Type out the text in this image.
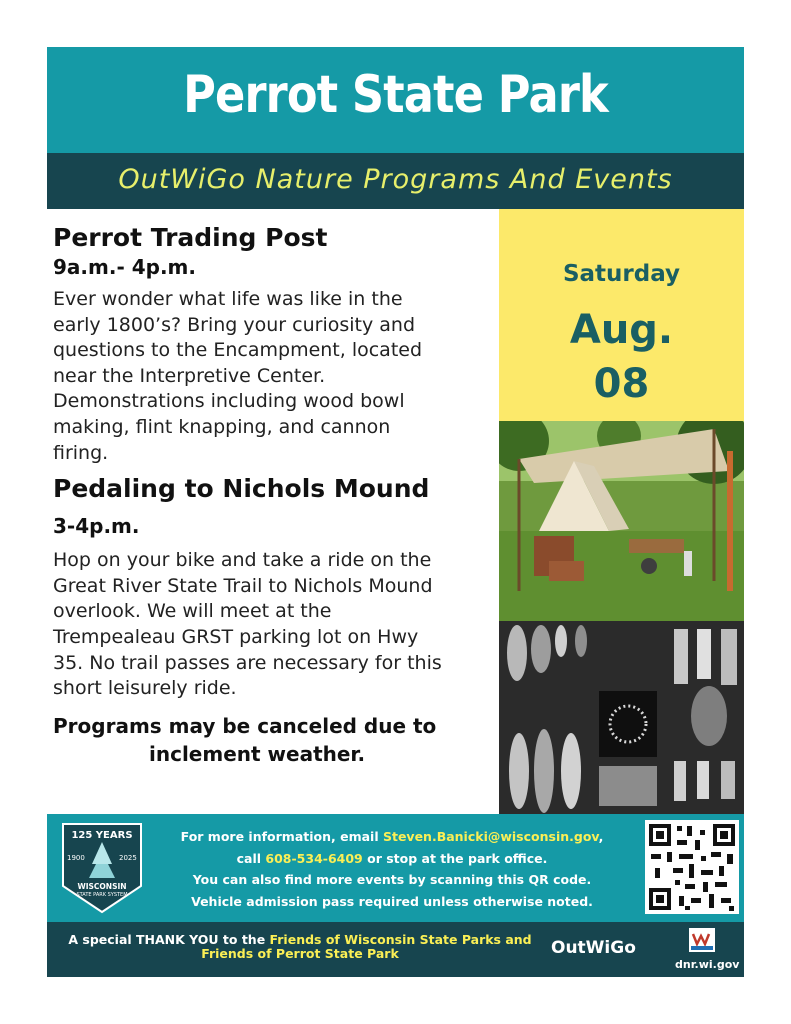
Perrot State Park
OutWiGo Nature Programs And Events

Perrot Trading Post

9a.m.- 4p.m.

Ever wonder what life was like in the
early 1800’s? Bring your curiosity and
questions to the Encampment, located
near the Interpretive Center.
Demonstrations including wood bowl
making, flint knapping, and cannon
firing.

Pedaling to Nichols Mound

3-4p.m.

Hop on your bike and take a ride on the
Great River State Trail to Nichols Mound
overlook. We will meet at the
Trempealeau GRST parking lot on Hwy
35. No trail passes are necessary for this
short leisurely ride.

Programs may be canceled due to
inclement weather.
Saturday
Aug.
08
125 YEARS
1900	2025
WISCONSIN
STATE PARK SYSTEM
For more information, email Steven.Banicki@wisconsin.gov,
call 608-534-6409 or stop at the park office.
You can also find more events by scanning this QR code.
Vehicle admission pass required unless otherwise noted.
A special THANK YOU to the Friends of Wisconsin State Parks and
Friends of Perrot State Park	OutWiGo
dnr.wi.gov
